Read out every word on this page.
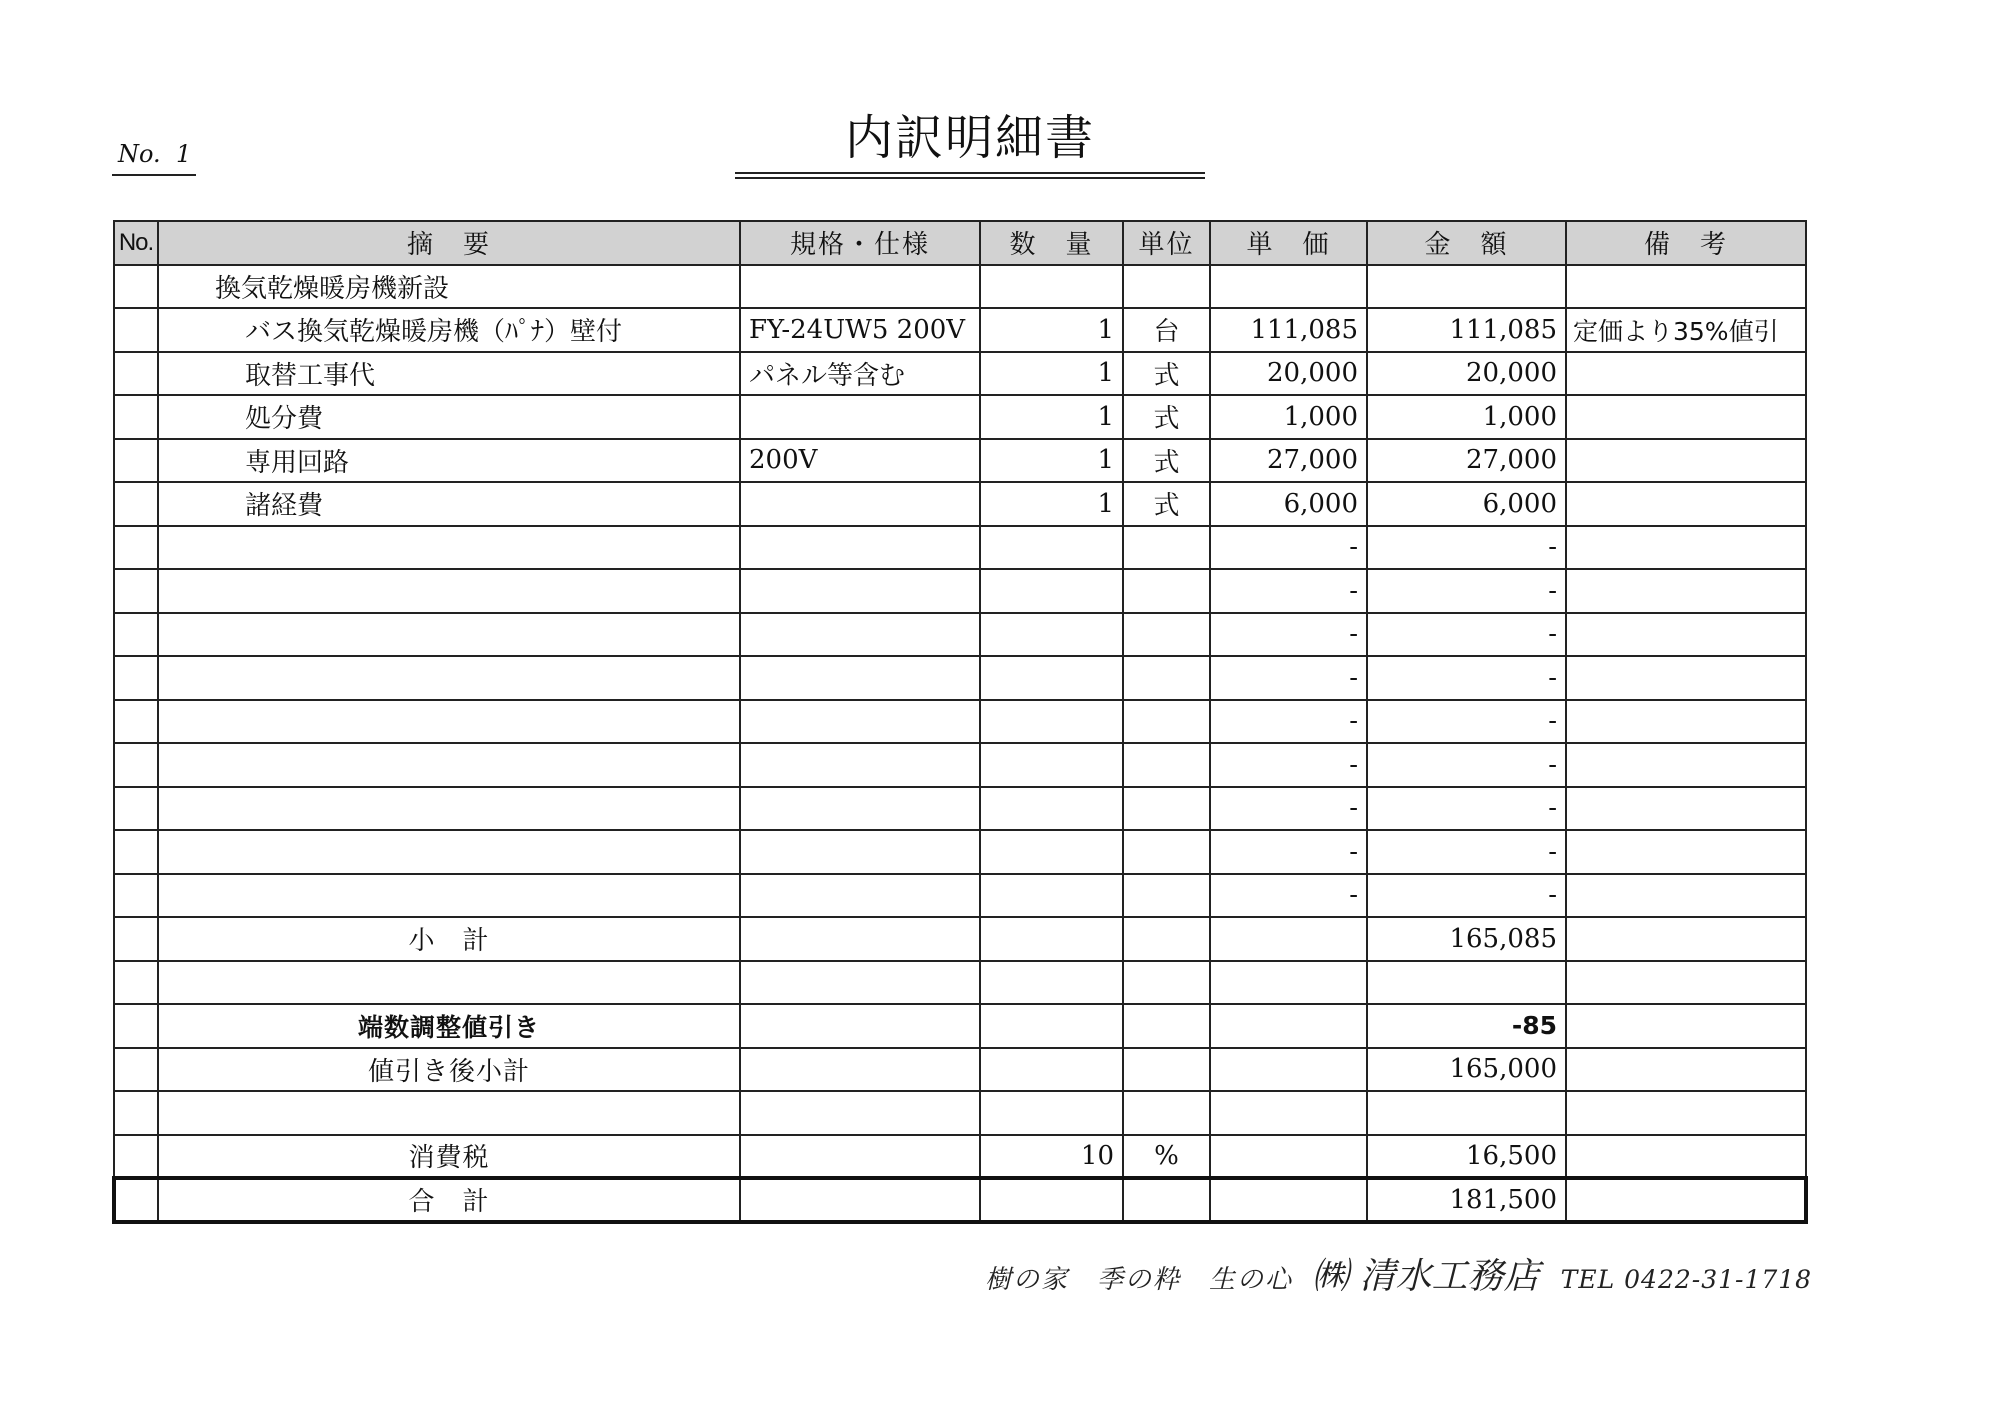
No. 1	内訳明細書
No.	摘　要	規格・仕様	数　量	単位	単　価	金　額	備　考
	換気乾燥暖房機新設						
	バス換気乾燥暖房機（ﾊﾟﾅ）壁付	FY-24UW5 200V	1	台	111,085	111,085	定価より35%値引
	取替工事代	パネル等含む	1	式	20,000	20,000	
	処分費		1	式	1,000	1,000	
	専用回路	200V	1	式	27,000	27,000	
	諸経費		1	式	6,000	6,000	
					-	-	
					-	-	
					-	-	
					-	-	
					-	-	
					-	-	
					-	-	
					-	-	
					-	-	
	小　計					165,085	

	端数調整値引き					-85	
	値引き後小計					165,000	

	消費税		10	%		16,500	
	合　計					181,500	
樹の家　季の粋　生の心 ㈱ 清水工務店 TEL 0422-31-1718
